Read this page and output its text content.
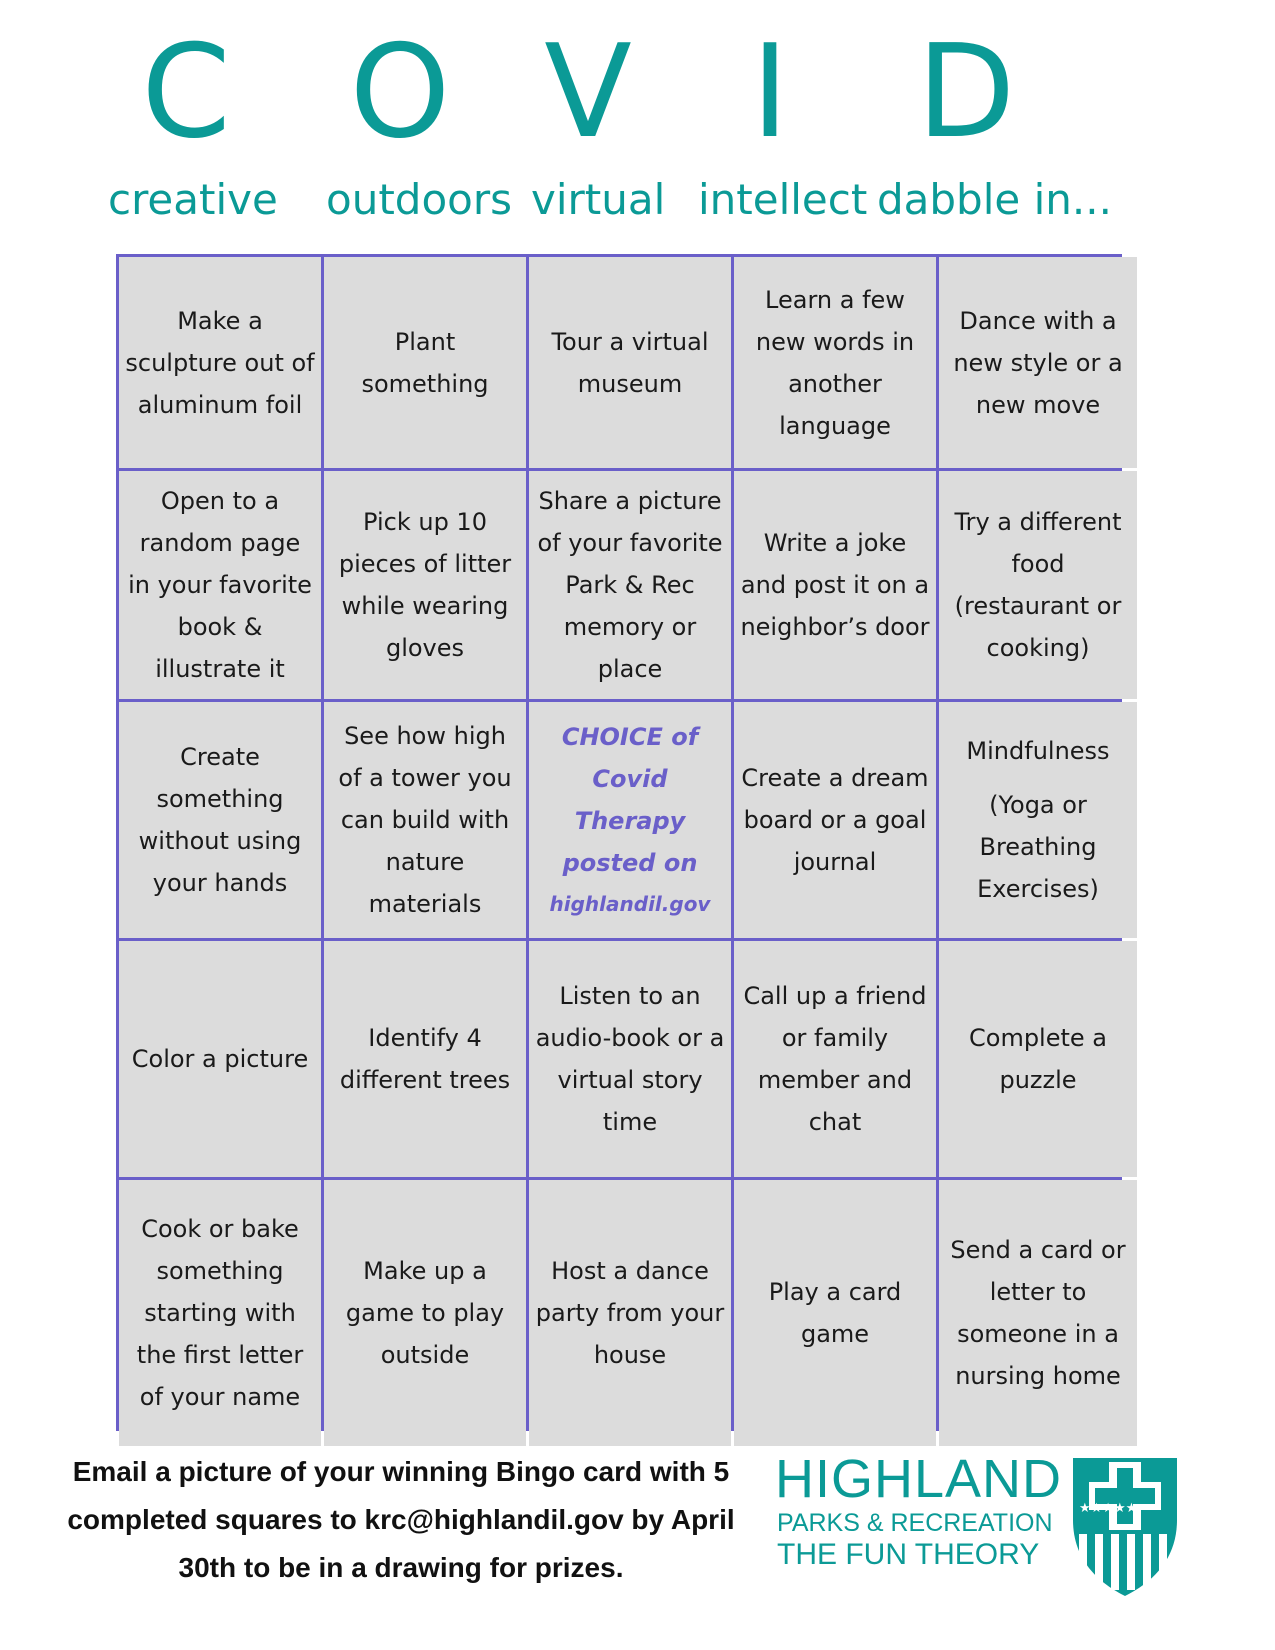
C O V I D
creative outdoors virtual intellect dabble in...
Make a sculpture out of aluminum foil
Plant something
Tour a virtual museum
Learn a few new words in another language
Dance with a new style or a new move
Open to a random page in your favorite book & illustrate it
Pick up 10 pieces of litter while wearing gloves
Share a picture of your favorite Park & Rec memory or place
Write a joke and post it on a neighbor’s door
Try a different food (restaurant or cooking)
Create something without using your hands
See how high of a tower you can build with nature materials
CHOICE of Covid Therapy posted on
highlandil.gov
Create a dream board or a goal journal
Mindfulness
(Yoga or Breathing Exercises)
Color a picture
Identify 4 different trees
Listen to an audio-book or a virtual story time
Call up a friend or family member and chat
Complete a puzzle
Cook or bake something starting with the first letter of your name
Make up a game to play outside
Host a dance party from your house
Play a card game
Send a card or letter to someone in a nursing home
Email a picture of your winning Bingo card with 5 completed squares to krc@highlandil.gov by April 30th to be in a drawing for prizes.
HIGHLAND
PARKS & RECREATION
THE FUN THEORY
★★★★★
